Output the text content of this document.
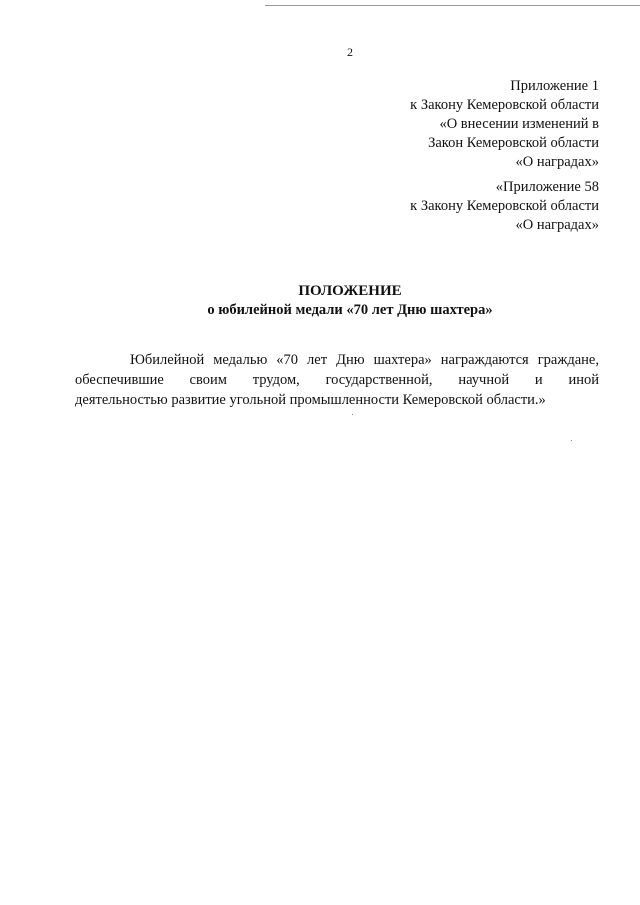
2
Приложение 1
к Закону Кемеровской области
«О внесении изменений в
Закон Кемеровской области
«О наградах»
«Приложение 58
к Закону Кемеровской области
«О наградах»
ПОЛОЖЕНИЕ
о юбилейной медали «70 лет Дню шахтера»
Юбилейной медалью «70 лет Дню шахтера» награждаются граждане,
обеспечившие своим трудом, государственной, научной и иной
деятельностью развитие угольной промышленности Кемеровской области.»
